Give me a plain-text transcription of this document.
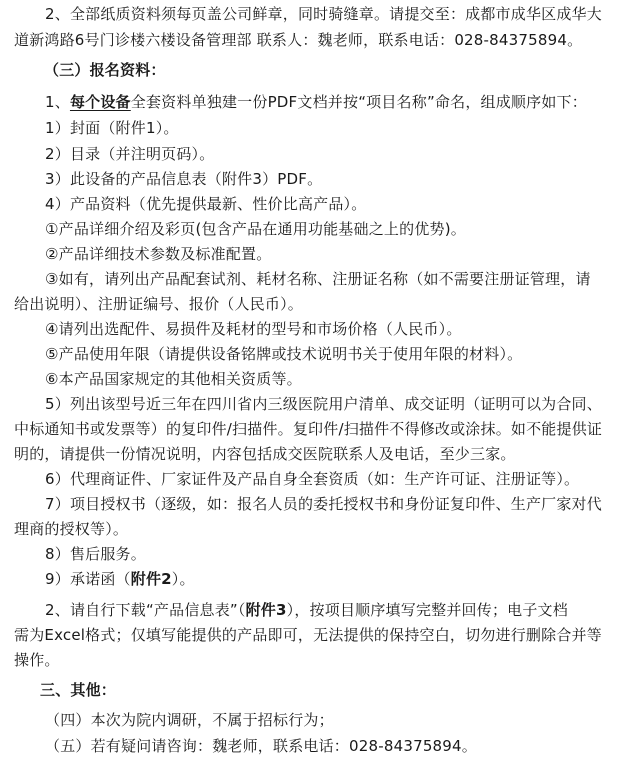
2、全部纸质资料须每页盖公司鲜章，同时骑缝章。请提交至：成都市成华区成华大
道新鸿路6号门诊楼六楼设备管理部 联系人：魏老师，联系电话：028-84375894。
（三）报名资料：
1、每个设备全套资料单独建一份PDF文档并按“项目名称”命名，组成顺序如下：
1）封面（附件1）。
2）目录（并注明页码）。
3）此设备的产品信息表（附件3）PDF。
4）产品资料（优先提供最新、性价比高产品）。
①产品详细介绍及彩页(包含产品在通用功能基础之上的优势)。
②产品详细技术参数及标准配置。
③如有，请列出产品配套试剂、耗材名称、注册证名称（如不需要注册证管理，请
给出说明）、注册证编号、报价（人民币）。
④请列出选配件、易损件及耗材的型号和市场价格（人民币）。
⑤产品使用年限（请提供设备铭牌或技术说明书关于使用年限的材料）。
⑥本产品国家规定的其他相关资质等。
5）列出该型号近三年在四川省内三级医院用户清单、成交证明（证明可以为合同、
中标通知书或发票等）的复印件/扫描件。复印件/扫描件不得修改或涂抹。如不能提供证
明的，请提供一份情况说明，内容包括成交医院联系人及电话，至少三家。
6）代理商证件、厂家证件及产品自身全套资质（如：生产许可证、注册证等）。
7）项目授权书（逐级，如：报名人员的委托授权书和身份证复印件、生产厂家对代
理商的授权等）。
8）售后服务。
9）承诺函（附件2）。
2、请自行下载“产品信息表”（附件3），按项目顺序填写完整并回传；电子文档
需为Excel格式；仅填写能提供的产品即可，无法提供的保持空白，切勿进行删除合并等
操作。
三、其他：
（四）本次为院内调研，不属于招标行为；
（五）若有疑问请咨询：魏老师，联系电话：028-84375894。
